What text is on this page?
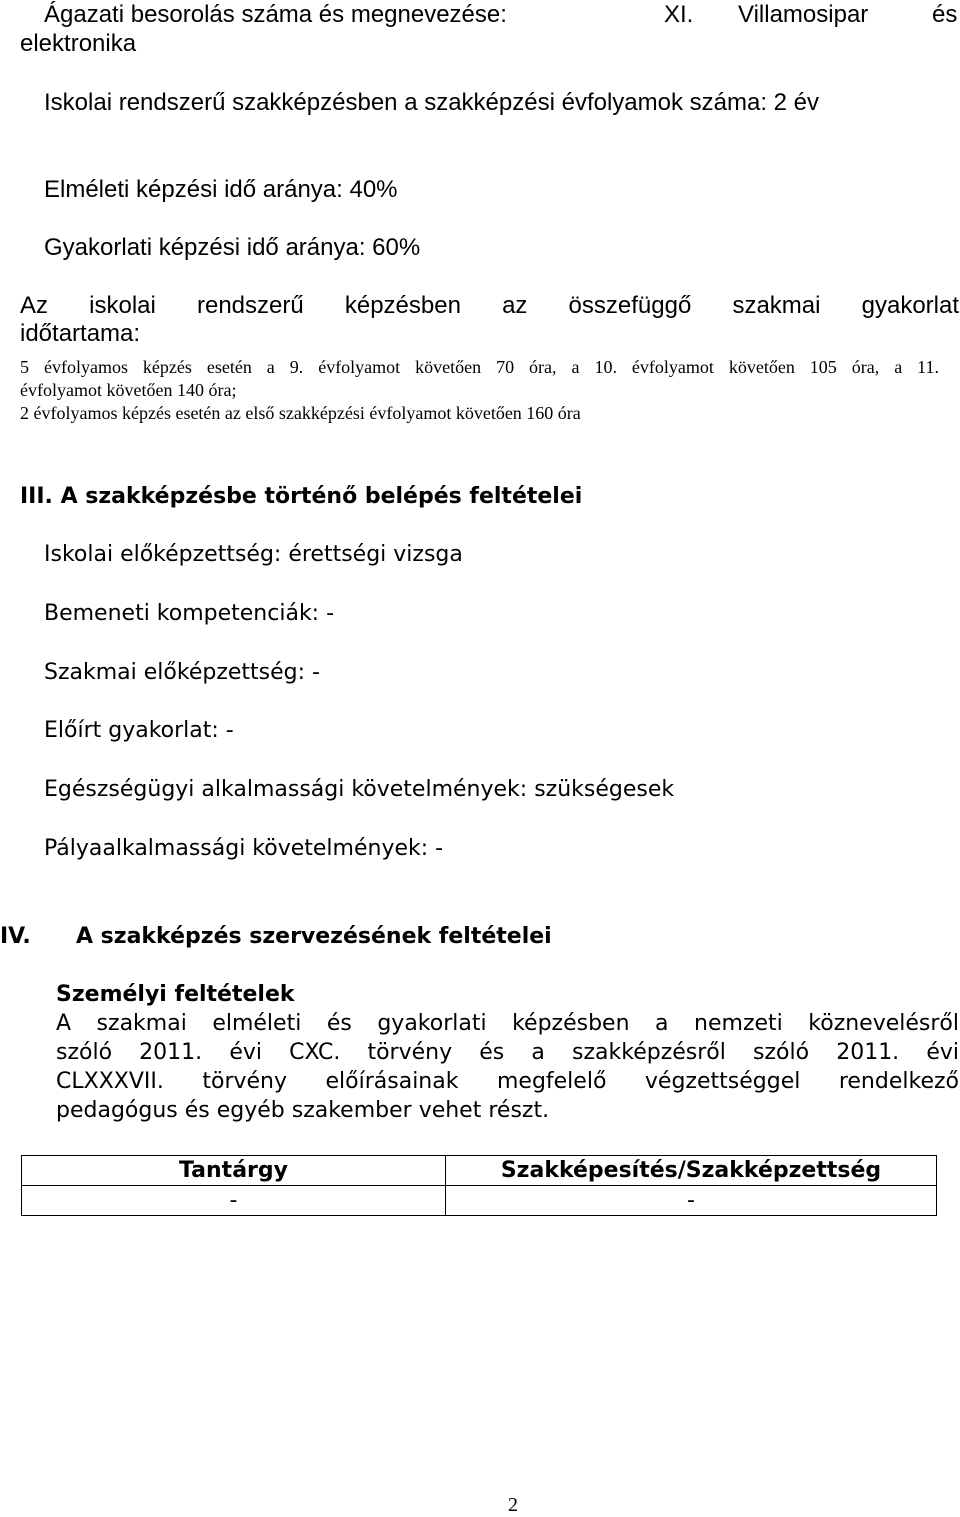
Ágazati besorolás száma és megnevezése:	XI. Villamosipar	és
elektronika
Iskolai rendszerű szakképzésben a szakképzési évfolyamok száma: 2 év
Elméleti képzési idő aránya: 40%
Gyakorlati képzési idő aránya: 60%
Az iskolai rendszerű képzésben az összefüggő szakmai gyakorlat
időtartama:
5 évfolyamos képzés esetén a 9. évfolyamot követően 70 óra, a 10. évfolyamot követően 105 óra, a 11.
évfolyamot követően 140 óra;
2 évfolyamos képzés esetén az első szakképzési évfolyamot követően 160 óra
III. A szakképzésbe történő belépés feltételei
Iskolai előképzettség: érettségi vizsga
Bemeneti kompetenciák: -
Szakmai előképzettség: -
Előírt gyakorlat: -
Egészségügyi alkalmassági követelmények: szükségesek
Pályaalkalmassági követelmények: -
IV. A szakképzés szervezésének feltételei
Személyi feltételek
A szakmai elméleti és gyakorlati képzésben a nemzeti köznevelésről
szóló 2011. évi CXC. törvény és a szakképzésről szóló 2011. évi
CLXXXVII. törvény előírásainak megfelelő végzettséggel rendelkező
pedagógus és egyéb szakember vehet részt.
Tantárgy	Szakképesítés/Szakképzettség
-	-
2
